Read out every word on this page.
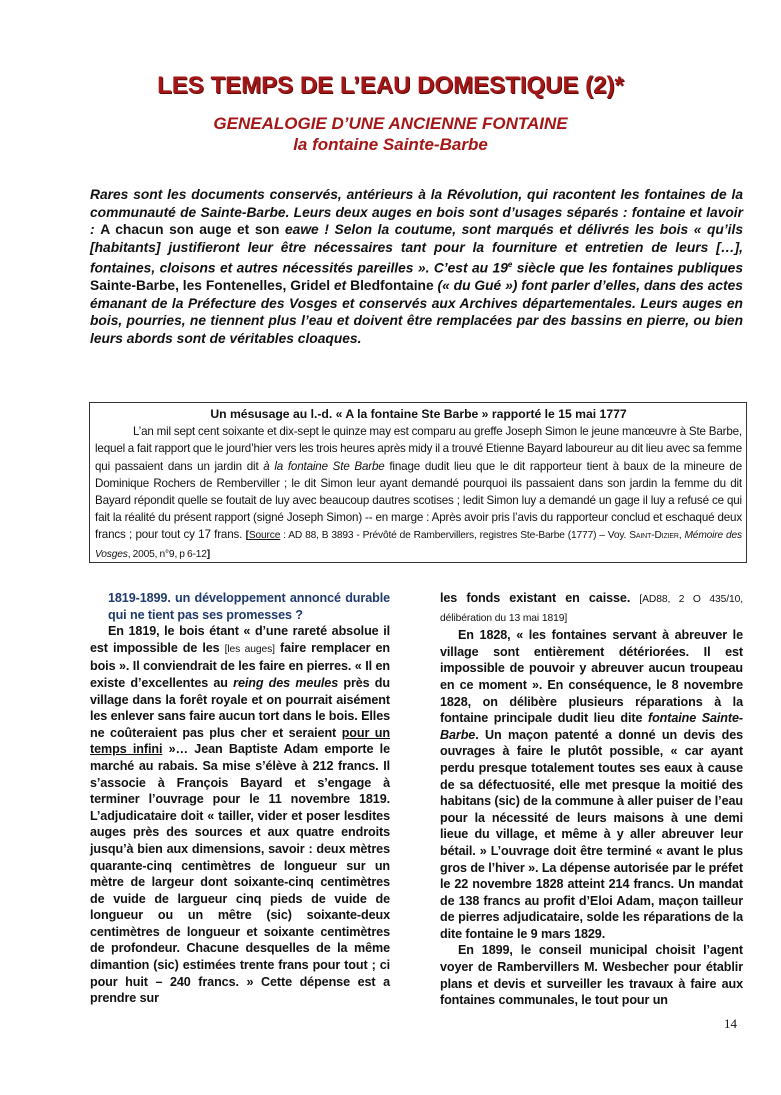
LES TEMPS DE L’EAU DOMESTIQUE (2)*
GENEALOGIE D’UNE ANCIENNE FONTAINE
la fontaine Sainte-Barbe
Rares sont les documents conservés, antérieurs à la Révolution, qui racontent les fontaines de la communauté de Sainte-Barbe. Leurs deux auges en bois sont d’usages séparés : fontaine et lavoir : A chacun son auge et son eawe ! Selon la coutume, sont marqués et délivrés les bois « qu’ils [habitants] justifieront leur être nécessaires tant pour la fourniture et entretien de leurs […], fontaines, cloisons et autres nécessités pareilles ». C’est au 19e siècle que les fontaines publiques Sainte-Barbe, les Fontenelles, Gridel et Bledfontaine (« du Gué ») font parler d’elles, dans des actes émanant de la Préfecture des Vosges et conservés aux Archives départementales. Leurs auges en bois, pourries, ne tiennent plus l’eau et doivent être remplacées par des bassins en pierre, ou bien leurs abords sont de véritables cloaques.
Un mésusage au l.-d. « A la fontaine Ste Barbe » rapporté le 15 mai 1777
L’an mil sept cent soixante et dix-sept le quinze may est comparu au greffe Joseph Simon le jeune manœuvre à Ste Barbe, lequel a fait rapport que le jourd’hier vers les trois heures après midy il a trouvé Etienne Bayard laboureur au dit lieu avec sa femme qui passaient dans un jardin dit à la fontaine Ste Barbe finage dudit lieu que le dit rapporteur tient à baux de la mineure de Dominique Rochers de Remberviller ; le dit Simon leur ayant demandé pourquoi ils passaient dans son jardin la femme du dit Bayard répondit quelle se foutait de luy avec beaucoup dautres scotises ; ledit Simon luy a demandé un gage il luy a refusé ce qui fait la réalité du présent rapport (signé Joseph Simon) -- en marge : Après avoir pris l’avis du rapporteur conclud et eschaqué deux francs ; pour tout cy 17 frans. [Source : AD 88, B 3893 - Prévôté de Rambervillers, registres Ste-Barbe (1777) – Voy. Saint-Dizier, Mémoire des Vosges, 2005, n°9, p 6-12]
1819-1899. un développement annoncé durable qui ne tient pas ses promesses ?

En 1819, le bois étant « d’une rareté absolue il est impossible de les [les auges] faire remplacer en bois ». Il conviendrait de les faire en pierres. « Il en existe d’excellentes au reing des meules près du village dans la forêt royale et on pourrait aisément les enlever sans faire aucun tort dans le bois. Elles ne coûteraient pas plus cher et seraient pour un temps infini »… Jean Baptiste Adam emporte le marché au rabais. Sa mise s’élève à 212 francs. Il s’associe à François Bayard et s’engage à terminer l’ouvrage pour le 11 novembre 1819. L’adjudicataire doit « tailler, vider et poser lesdites auges près des sources et aux quatre endroits jusqu’à bien aux dimensions, savoir : deux mètres quarante-cinq centimètres de longueur sur un mètre de largeur dont soixante-cinq centimètres de vuide de largueur cinq pieds de vuide de longueur ou un mêtre (sic) soixante-deux centimètres de longueur et soixante centimètres de profondeur. Chacune desquelles de la même dimantion (sic) estimées trente frans pour tout ; ci pour huit – 240 francs. » Cette dépense est a prendre sur

les fonds existant en caisse. [AD88, 2 O 435/10, délibération du 13 mai 1819]

En 1828, « les fontaines servant à abreuver le village sont entièrement détériorées. Il est impossible de pouvoir y abreuver aucun troupeau en ce moment ». En conséquence, le 8 novembre 1828, on délibère plusieurs réparations à la fontaine principale dudit lieu dite fontaine Sainte-Barbe. Un maçon patenté a donné un devis des ouvrages à faire le plutôt possible, « car ayant perdu presque totalement toutes ses eaux à cause de sa défectuosité, elle met presque la moitié des habitans (sic) de la commune à aller puiser de l’eau pour la nécessité de leurs maisons à une demi lieue du village, et même à y aller abreuver leur bétail. » L’ouvrage doit être terminé « avant le plus gros de l’hiver ». La dépense autorisée par le préfet le 22 novembre 1828 atteint 214 francs. Un mandat de 138 francs au profit d’Eloi Adam, maçon tailleur de pierres adjudicataire, solde les réparations de la dite fontaine le 9 mars 1829.

En 1899, le conseil municipal choisit l’agent voyer de Rambervillers M. Wesbecher pour établir plans et devis et surveiller les travaux à faire aux fontaines communales, le tout pour un

14
